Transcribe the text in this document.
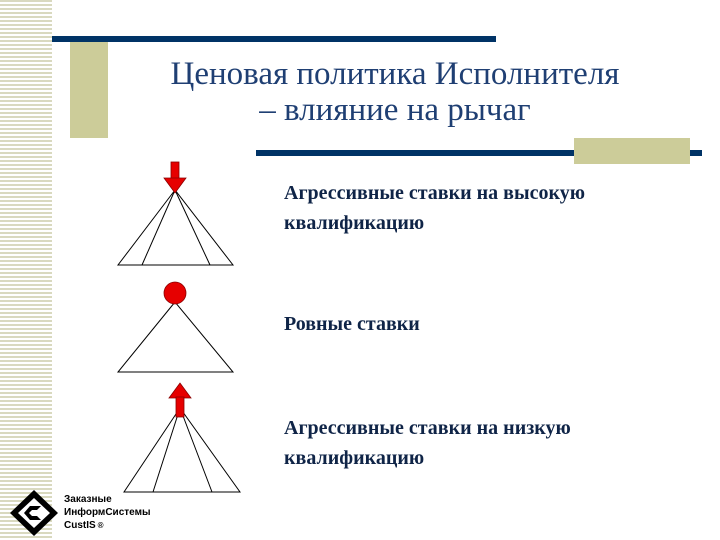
Ценовая политика Исполнителя
– влияние на рычаг
Агрессивные ставки на высокую
квалификацию
Ровные ставки
Агрессивные ставки на низкую
квалификацию
Заказные
ИнформСистемы
CustIS ®
